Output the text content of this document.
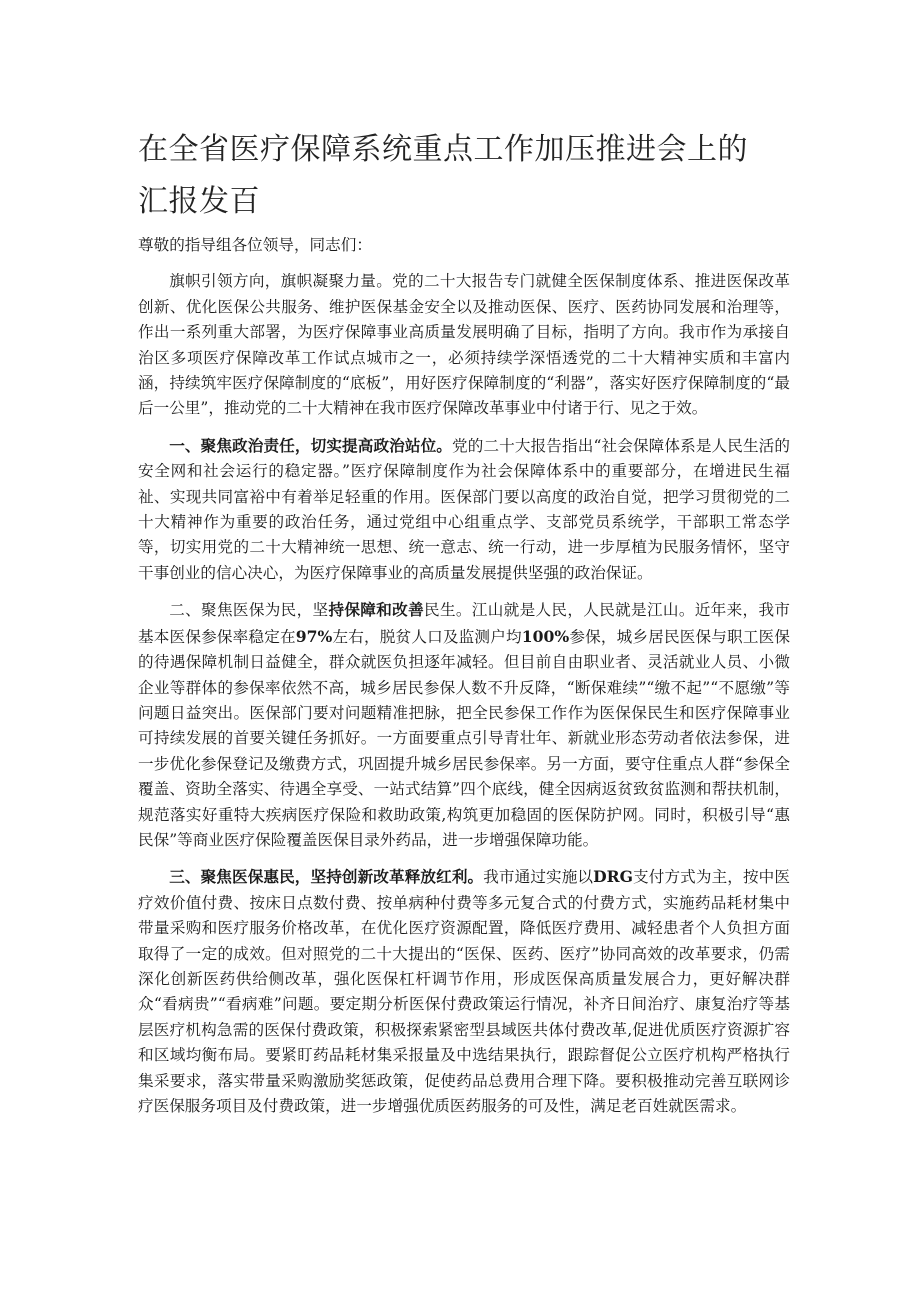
在全省医疗保障系统重点工作加压推进会上的汇报发百

尊敬的指导组各位领导，同志们：

旗帜引领方向，旗帜凝聚力量。党的二十大报告专门就健全医保制度体系、推进医保改革创新、优化医保公共服务、维护医保基金安全以及推动医保、医疗、医药协同发展和治理等，作出一系列重大部署，为医疗保障事业高质量发展明确了目标，指明了方向。我市作为承接自治区多项医疗保障改革工作试点城市之一，必须持续学深悟透党的二十大精神实质和丰富内涵，持续筑牢医疗保障制度的“底板”，用好医疗保障制度的“利器”，落实好医疗保障制度的“最后一公里”，推动党的二十大精神在我市医疗保障改革事业中付诸于行、见之于效。

一、聚焦政治责任，切实提高政治站位。党的二十大报告指出“社会保障体系是人民生活的安全网和社会运行的稳定器。”医疗保障制度作为社会保障体系中的重要部分，在增进民生福祉、实现共同富裕中有着举足轻重的作用。医保部门要以高度的政治自觉，把学习贯彻党的二十大精神作为重要的政治任务，通过党组中心组重点学、支部党员系统学，干部职工常态学等，切实用党的二十大精神统一思想、统一意志、统一行动，进一步厚植为民服务情怀，坚守干事创业的信心决心，为医疗保障事业的高质量发展提供坚强的政治保证。

二、聚焦医保为民，坚持保障和改善民生。江山就是人民，人民就是江山。近年来，我市基本医保参保率稳定在97%左右，脱贫人口及监测户均100%参保，城乡居民医保与职工医保的待遇保障机制日益健全，群众就医负担逐年减轻。但目前自由职业者、灵活就业人员、小微企业等群体的参保率依然不高，城乡居民参保人数不升反降，“断保难续”“缴不起”“不愿缴”等问题日益突出。医保部门要对问题精准把脉，把全民参保工作作为医保保民生和医疗保障事业可持续发展的首要关键任务抓好。一方面要重点引导青壮年、新就业形态劳动者依法参保，进一步优化参保登记及缴费方式，巩固提升城乡居民参保率。另一方面，要守住重点人群“参保全覆盖、资助全落实、待遇全享受、一站式结算”四个底线，健全因病返贫致贫监测和帮扶机制，规范落实好重特大疾病医疗保险和救助政策,构筑更加稳固的医保防护网。同时，积极引导“惠民保”等商业医疗保险覆盖医保目录外药品，进一步增强保障功能。

三、聚焦医保惠民，坚持创新改革释放红利。我市通过实施以DRG支付方式为主，按中医疗效价值付费、按床日点数付费、按单病种付费等多元复合式的付费方式，实施药品耗材集中带量采购和医疗服务价格改革，在优化医疗资源配置，降低医疗费用、减轻患者个人负担方面取得了一定的成效。但对照党的二十大提出的“医保、医药、医疗”协同高效的改革要求，仍需深化创新医药供给侧改革，强化医保杠杆调节作用，形成医保高质量发展合力，更好解决群众“看病贵”“看病难”问题。要定期分析医保付费政策运行情况，补齐日间治疗、康复治疗等基层医疗机构急需的医保付费政策，积极探索紧密型县域医共体付费改革,促进优质医疗资源扩容和区域均衡布局。要紧盯药品耗材集采报量及中选结果执行，跟踪督促公立医疗机构严格执行集采要求，落实带量采购激励奖惩政策，促使药品总费用合理下降。要积极推动完善互联网诊疗医保服务项目及付费政策，进一步增强优质医药服务的可及性，满足老百姓就医需求。
